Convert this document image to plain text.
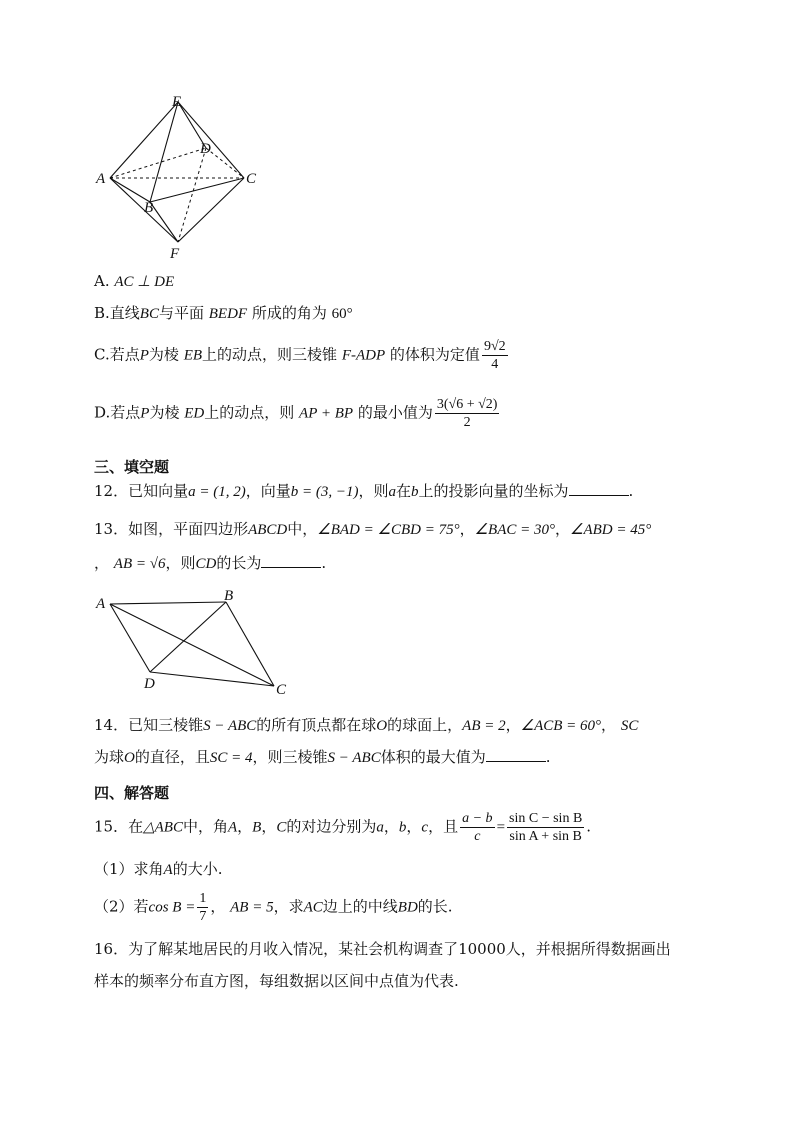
E
D
A	C
B
F
A. AC ⊥ DE
B.直线BC与平面 BEDF 所成的角为 60°
C.若点P为棱 EB上的动点，则三棱锥 F-ADP 的体积为定值 $\frac{9√2}{4}$
D.若点P为棱 ED上的动点，则 AP + BP 的最小值为 $\frac{3(√6 + √2)}{2}$
三、填空题
12．已知向量a = (1, 2)，向量b = (3, −1)，则a在b上的投影向量的坐标为	.
13．如图，平面四边形ABCD中，∠BAD = ∠CBD = 75°，∠BAC = 30°，∠ABD = 45°
， AB = √6，则CD的长为	.
A	B
D	C
14．已知三棱锥S − ABC的所有顶点都在球O的球面上，AB = 2，∠ACB = 60°， SC
为球O的直径，且SC = 4，则三棱锥S − ABC体积的最大值为	.
四、解答题
15．在△ABC中，角A，B，C的对边分别为a，b，c，且 $\frac{a - b}{c} = \frac{\text{sin C − sin B}}{\text{sin A + sin B}}$ .
（1）求角A的大小.
（2）若$\cos B = \frac{1}{7}$ ， AB = 5，求AC边上的中线BD的长.
16．为了解某地居民的月收入情况，某社会机构调查了10000人，并根据所得数据画出
样本的频率分布直方图，每组数据以区间中点值为代表.
